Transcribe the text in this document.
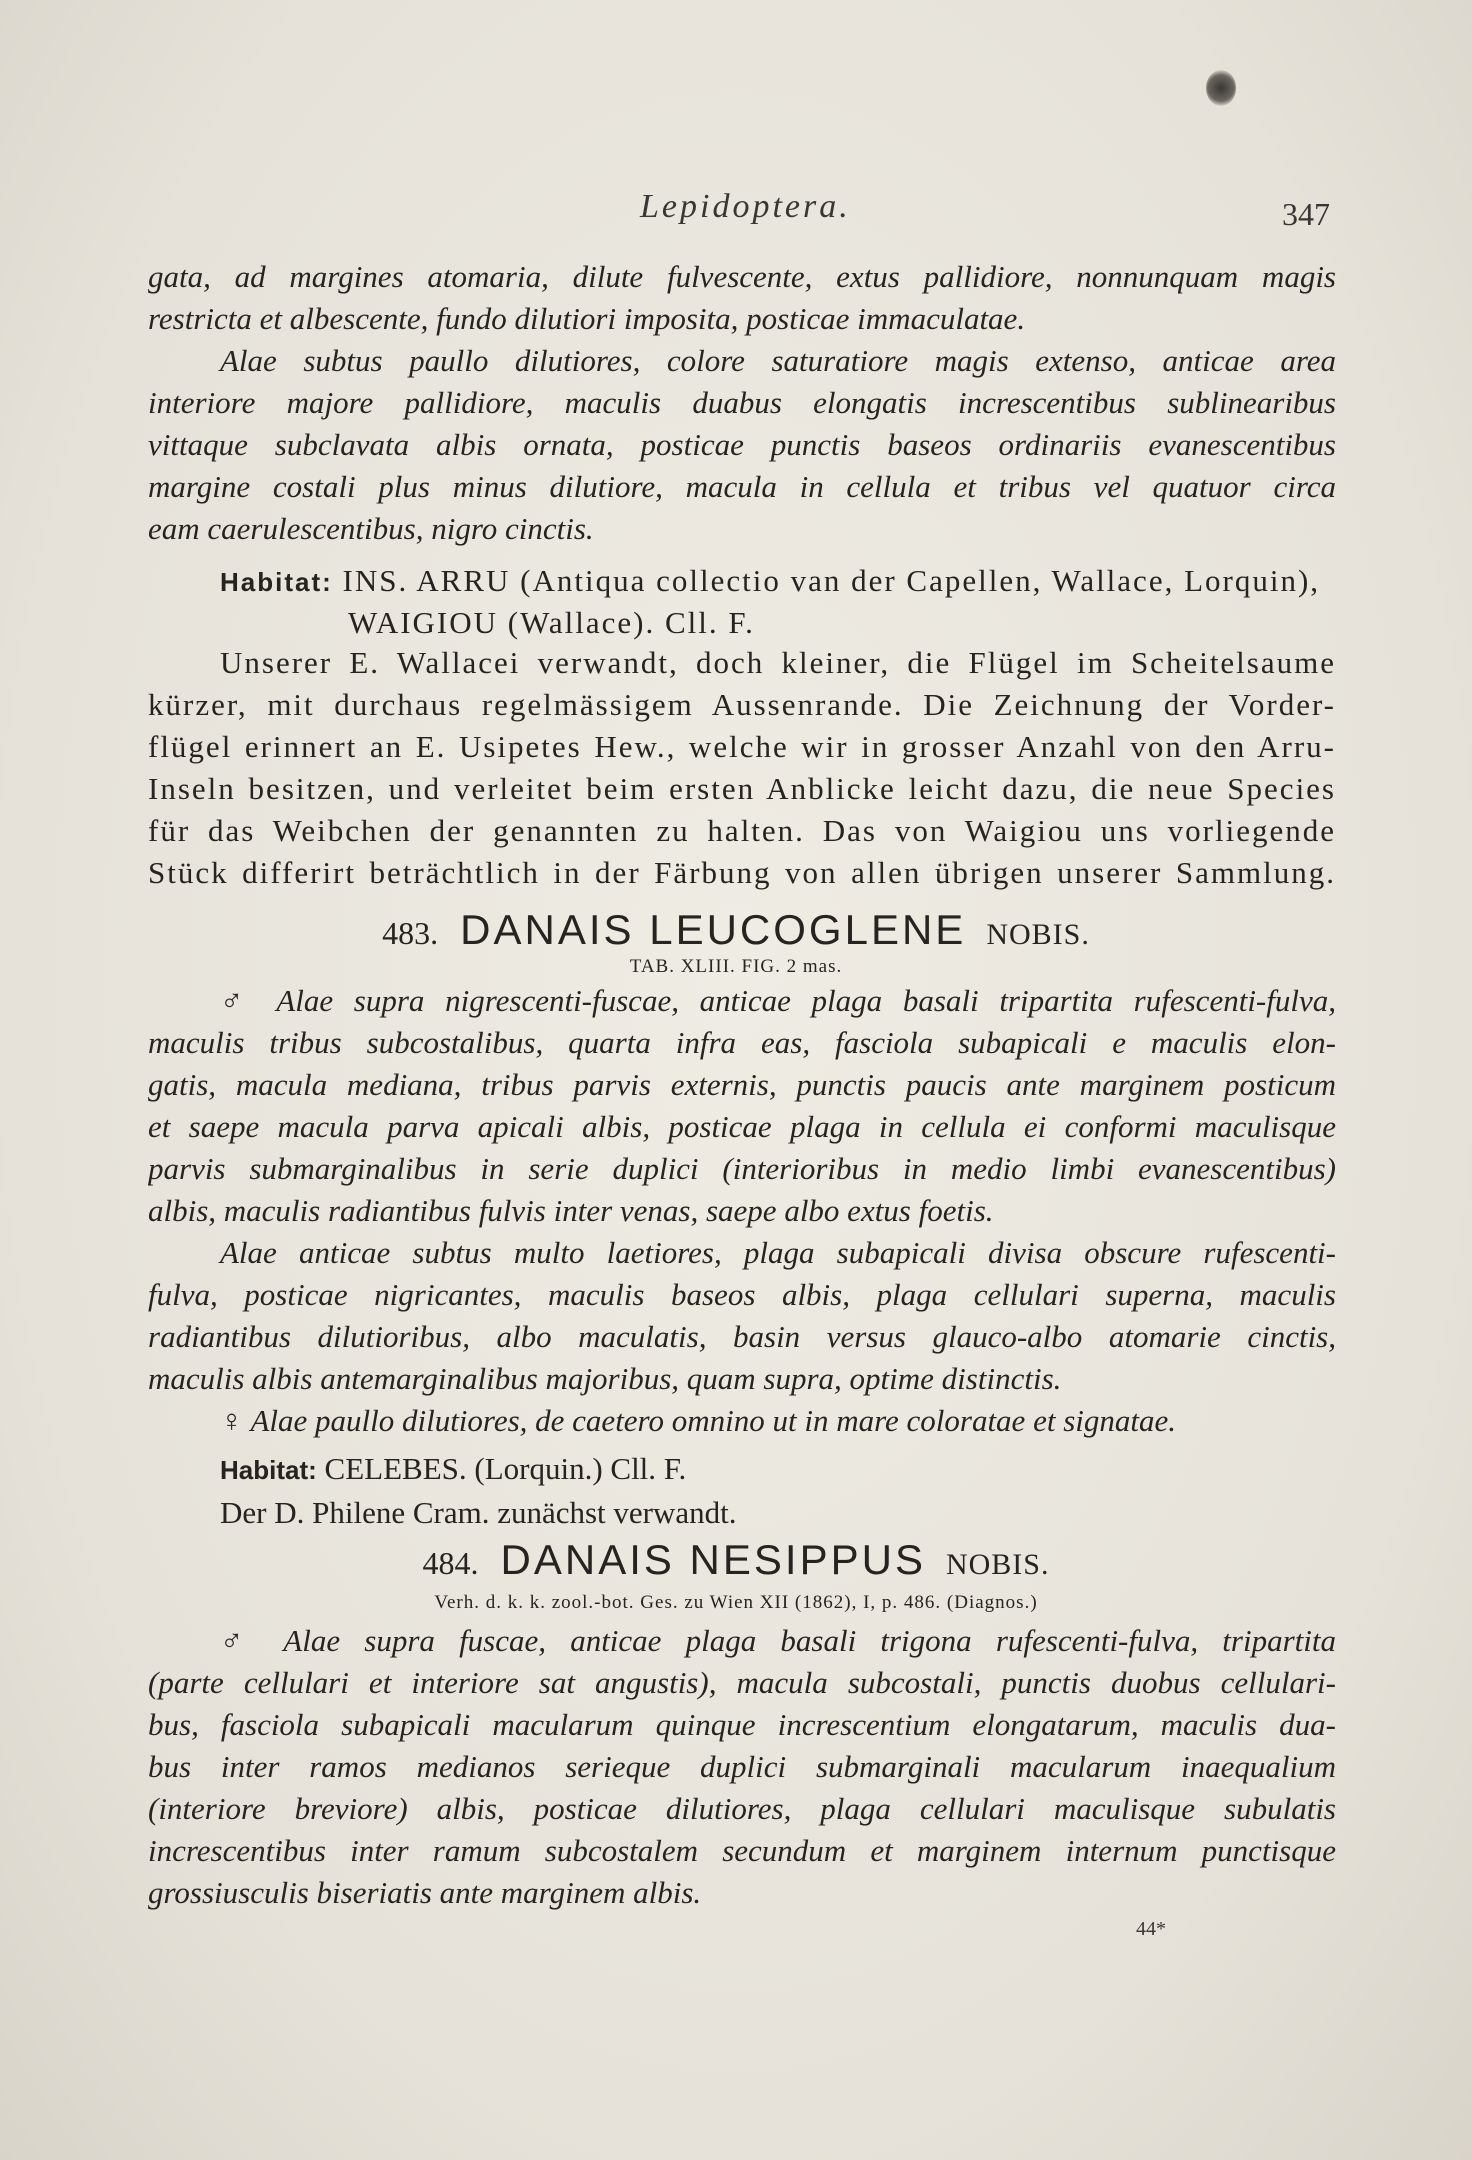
Lepidoptera.	347
gata, ad margines atomaria, dilute fulvescente, extus pallidiore, nonnunquam magis
restricta et albescente, fundo dilutiori imposita, posticae immaculatae.
Alae subtus paullo dilutiores, colore saturatiore magis extenso, anticae area
interiore majore pallidiore, maculis duabus elongatis increscentibus sublinearibus
vittaque subclavata albis ornata, posticae punctis baseos ordinariis evanescentibus
margine costali plus minus dilutiore, macula in cellula et tribus vel quatuor circa
eam caerulescentibus, nigro cinctis.
Habitat: INS. ARRU (Antiqua collectio van der Capellen, Wallace, Lorquin),
WAIGIOU (Wallace). Cll. F.
Unserer E. Wallacei verwandt, doch kleiner, die Flügel im Scheitelsaume
kürzer, mit durchaus regelmässigem Aussenrande. Die Zeichnung der Vorder-
flügel erinnert an E. Usipetes Hew., welche wir in grosser Anzahl von den Arru-
Inseln besitzen, und verleitet beim ersten Anblicke leicht dazu, die neue Species
für das Weibchen der genannten zu halten. Das von Waigiou uns vorliegende
Stück differirt beträchtlich in der Färbung von allen übrigen unserer Sammlung.
483. DANAIS LEUCOGLENE NOBIS.
TAB. XLIII. FIG. 2 mas.
♂ Alae supra nigrescenti-fuscae, anticae plaga basali tripartita rufescenti-fulva,
maculis tribus subcostalibus, quarta infra eas, fasciola subapicali e maculis elon-
gatis, macula mediana, tribus parvis externis, punctis paucis ante marginem posticum
et saepe macula parva apicali albis, posticae plaga in cellula ei conformi maculisque
parvis submarginalibus in serie duplici (interioribus in medio limbi evanescentibus)
albis, maculis radiantibus fulvis inter venas, saepe albo extus foetis.
Alae anticae subtus multo laetiores, plaga subapicali divisa obscure rufescenti-
fulva, posticae nigricantes, maculis baseos albis, plaga cellulari superna, maculis
radiantibus dilutioribus, albo maculatis, basin versus glauco-albo atomarie cinctis,
maculis albis antemarginalibus majoribus, quam supra, optime distinctis.
♀ Alae paullo dilutiores, de caetero omnino ut in mare coloratae et signatae.
Habitat: CELEBES. (Lorquin.) Cll. F.
Der D. Philene Cram. zunächst verwandt.
484. DANAIS NESIPPUS NOBIS.
Verh. d. k. k. zool.-bot. Ges. zu Wien XII (1862), I, p. 486. (Diagnos.)
♂ Alae supra fuscae, anticae plaga basali trigona rufescenti-fulva, tripartita
(parte cellulari et interiore sat angustis), macula subcostali, punctis duobus cellulari-
bus, fasciola subapicali macularum quinque increscentium elongatarum, maculis dua-
bus inter ramos medianos serieque duplici submarginali macularum inaequalium
(interiore breviore) albis, posticae dilutiores, plaga cellulari maculisque subulatis
increscentibus inter ramum subcostalem secundum et marginem internum punctisque
grossiusculis biseriatis ante marginem albis.
44*
